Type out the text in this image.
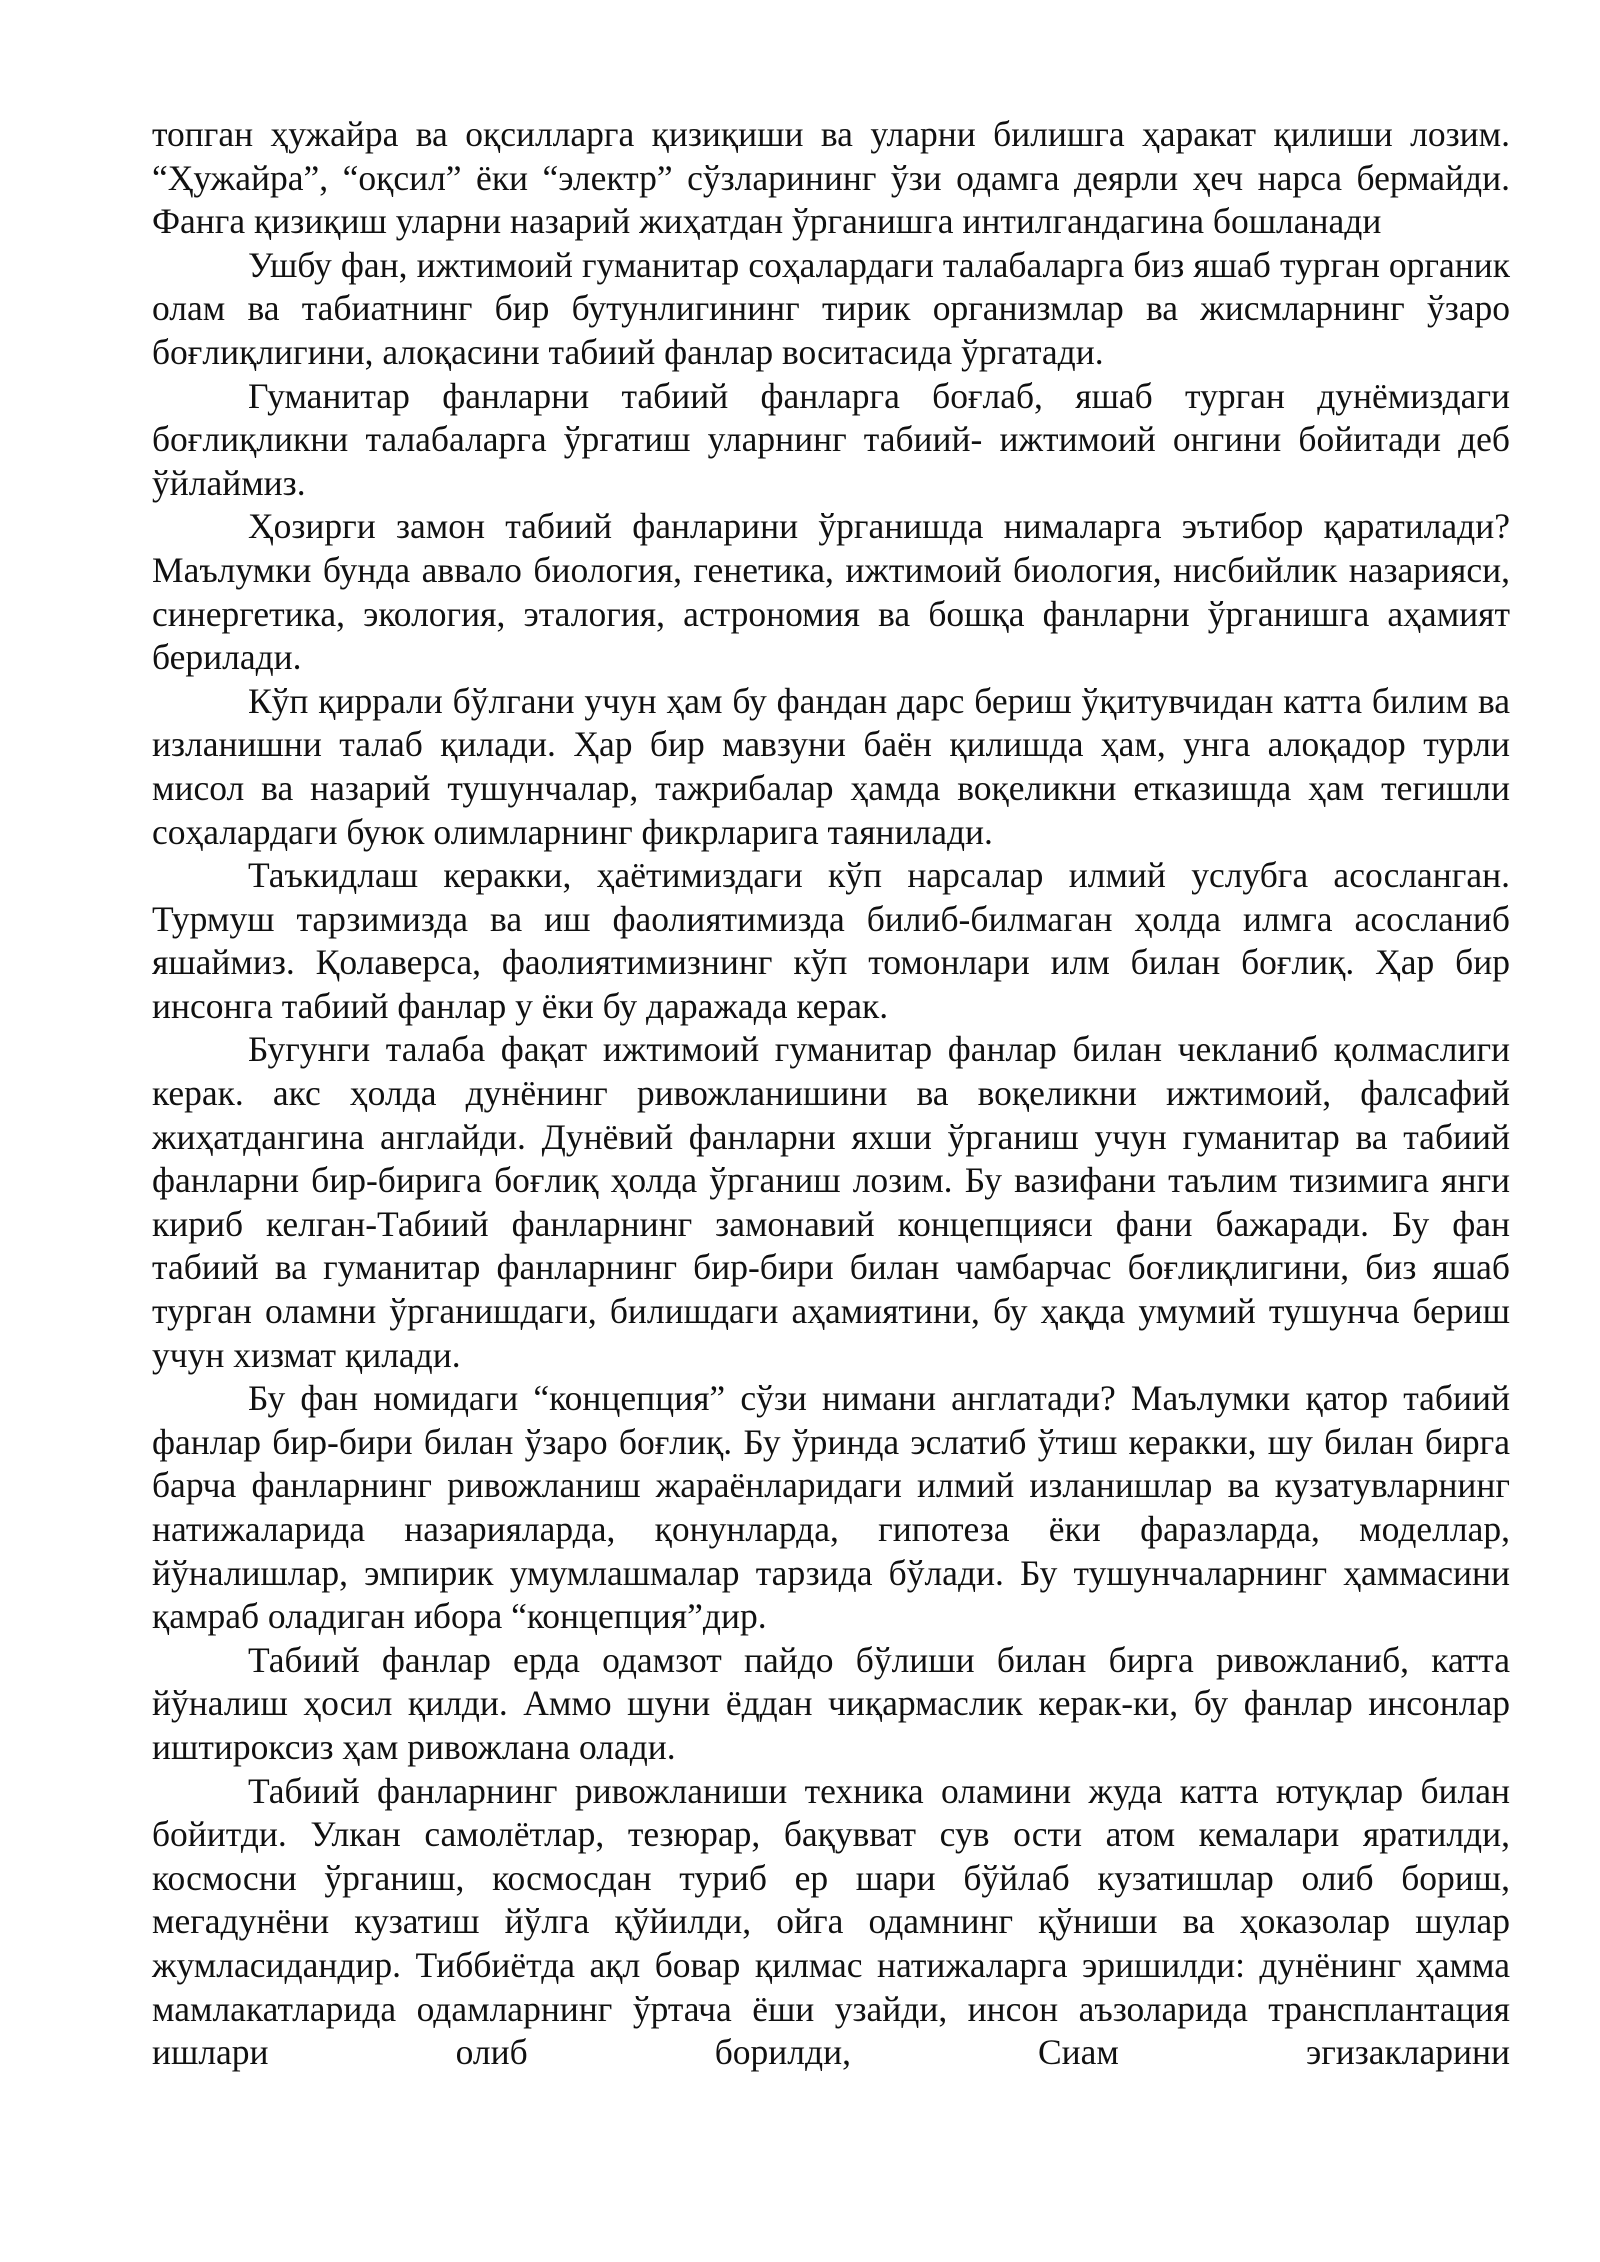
топган ҳужайра ва оқсилларга қизиқиши ва уларни билишга ҳаракат қилиши лозим. “Ҳужайра”, “оқсил” ёки “электр” сўзларининг ўзи одамга деярли ҳеч нарса бермайди. Фанга қизиқиш уларни назарий жиҳатдан ўрганишга интилгандагина бошланади

Ушбу фан, ижтимоий гуманитар соҳалардаги талабаларга биз яшаб турган органик олам ва табиатнинг бир бутунлигининг тирик организмлар ва жисмларнинг ўзаро боғлиқлигини, алоқасини табиий фанлар воситасида ўргатади.

Гуманитар фанларни табиий фанларга боғлаб, яшаб турган дунёмиздаги боғлиқликни талабаларга ўргатиш уларнинг табиий- ижтимоий онгини бойитади деб ўйлаймиз.

Ҳозирги замон табиий фанларини ўрганишда нималарга эътибор қаратилади? Маълумки бунда аввало биология, генетика, ижтимоий биология, нисбийлик назарияси, синергетика, экология, эталогия, астрономия ва бошқа фанларни ўрганишга аҳамият берилади.

Кўп қиррали бўлгани учун ҳам бу фандан дарс бериш ўқитувчидан катта билим ва изланишни талаб қилади. Ҳар бир мавзуни баён қилишда ҳам, унга алоқадор турли мисол ва назарий тушунчалар, тажрибалар ҳамда воқеликни етказишда ҳам тегишли соҳалардаги буюк олимларнинг фикрларига таянилади.

Таъкидлаш керакки, ҳаётимиздаги кўп нарсалар илмий услубга асосланган. Турмуш тарзимизда ва иш фаолиятимизда билиб-билмаган ҳолда илмга асосланиб яшаймиз. Қолаверса, фаолиятимизнинг кўп томонлари илм билан боғлиқ. Ҳар бир инсонга табиий фанлар у ёки бу даражада керак.

Бугунги талаба фақат ижтимоий гуманитар фанлар билан чекланиб қолмаслиги керак. акс ҳолда дунёнинг ривожланишини ва воқеликни ижтимоий, фалсафий жиҳатдангина англайди. Дунёвий фанларни яхши ўрганиш учун гуманитар ва табиий фанларни бир-бирига боғлиқ ҳолда ўрганиш лозим. Бу вазифани таълим тизимига янги кириб келган-Табиий фанларнинг замонавий концепцияси фани бажаради. Бу фан табиий ва гуманитар фанларнинг бир-бири билан чамбарчас боғлиқлигини, биз яшаб турган оламни ўрганишдаги, билишдаги аҳамиятини, бу ҳақда умумий тушунча бериш учун хизмат қилади.

Бу фан номидаги “концепция” сўзи нимани англатади? Маълумки қатор табиий фанлар бир-бири билан ўзаро боғлиқ. Бу ўринда эслатиб ўтиш керакки, шу билан бирга барча фанларнинг ривожланиш жараёнларидаги илмий изланишлар ва кузатувларнинг натижаларида назарияларда, қонунларда, гипотеза ёки фаразларда, моделлар, йўналишлар, эмпирик умумлашмалар тарзида бўлади. Бу тушунчаларнинг ҳаммасини қамраб оладиган ибора “концепция”дир.

Табиий фанлар ерда одамзот пайдо бўлиши билан бирга ривожланиб, катта йўналиш ҳосил қилди. Аммо шуни ёддан чиқармаслик керак-ки, бу фанлар инсонлар иштироксиз ҳам ривожлана олади.

Табиий фанларнинг ривожланиши техника оламини жуда катта ютуқлар билан бойитди. Улкан самолётлар, тезюрар, бақувват сув ости атом кемалари яратилди, космосни ўрганиш, космосдан туриб ер шари бўйлаб кузатишлар олиб бориш, мегадунёни кузатиш йўлга қўйилди, ойга одамнинг қўниши ва ҳоказолар шулар жумласидандир. Тиббиётда ақл бовар қилмас натижаларга эришилди: дунёнинг ҳамма мамлакатларида одамларнинг ўртача ёши узайди, инсон аъзоларида трансплантация ишлари олиб борилди, Сиам эгизакларини
